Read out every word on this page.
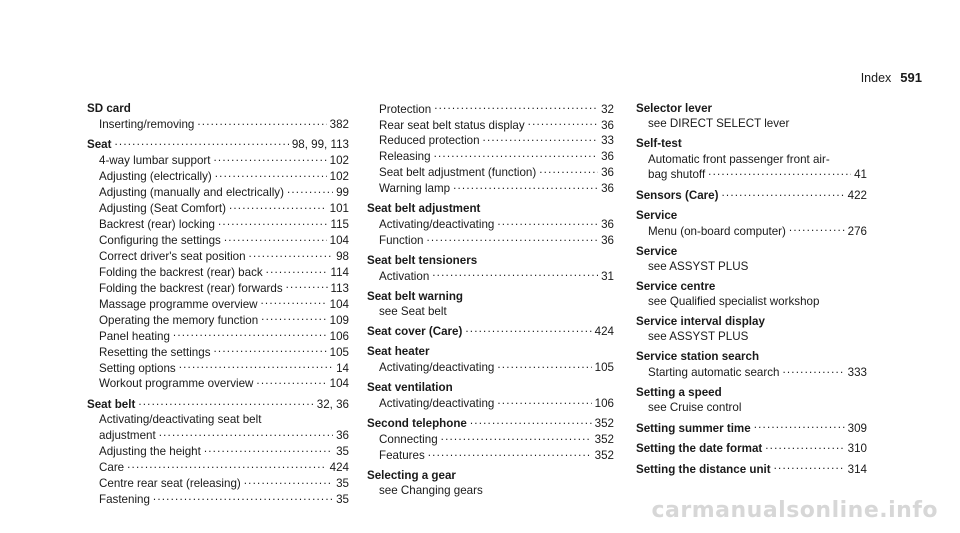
Index 591
SD card
Inserting/removing .....	382
Seat .....	98, 99, 113
4-way lumbar support .....	102
Adjusting (electrically) .....	102
Adjusting (manually and electrically) .....	99
Adjusting (Seat Comfort) .....	101
Backrest (rear) locking .....	115
Configuring the settings .....	104
Correct driver's seat position .....	98
Folding the backrest (rear) back .....	114
Folding the backrest (rear) forwards .....	113
Massage programme overview .....	104
Operating the memory function .....	109
Panel heating .....	106
Resetting the settings .....	105
Setting options .....	14
Workout programme overview .....	104
Seat belt .....	32, 36
Activating/deactivating seat belt
adjustment .....	36
Adjusting the height .....	35
Care .....	424
Centre rear seat (releasing) .....	35
Fastening .....	35
Protection .....	32
Rear seat belt status display .....	36
Reduced protection .....	33
Releasing .....	36
Seat belt adjustment (function) .....	36
Warning lamp .....	36
Seat belt adjustment
Activating/deactivating .....	36
Function .....	36
Seat belt tensioners
Activation .....	31
Seat belt warning
see Seat belt
Seat cover (Care) .....	424
Seat heater
Activating/deactivating .....	105
Seat ventilation
Activating/deactivating .....	106
Second telephone .....	352
Connecting .....	352
Features .....	352
Selecting a gear
see Changing gears
Selector lever
see DIRECT SELECT lever
Self-test
Automatic front passenger front air-
bag shutoff .....	41
Sensors (Care) .....	422
Service
Menu (on-board computer) .....	276
Service
see ASSYST PLUS
Service centre
see Qualified specialist workshop
Service interval display
see ASSYST PLUS
Service station search
Starting automatic search .....	333
Setting a speed
see Cruise control
Setting summer time .....	309
Setting the date format .....	310
Setting the distance unit .....	314
carmanualsonline.info
